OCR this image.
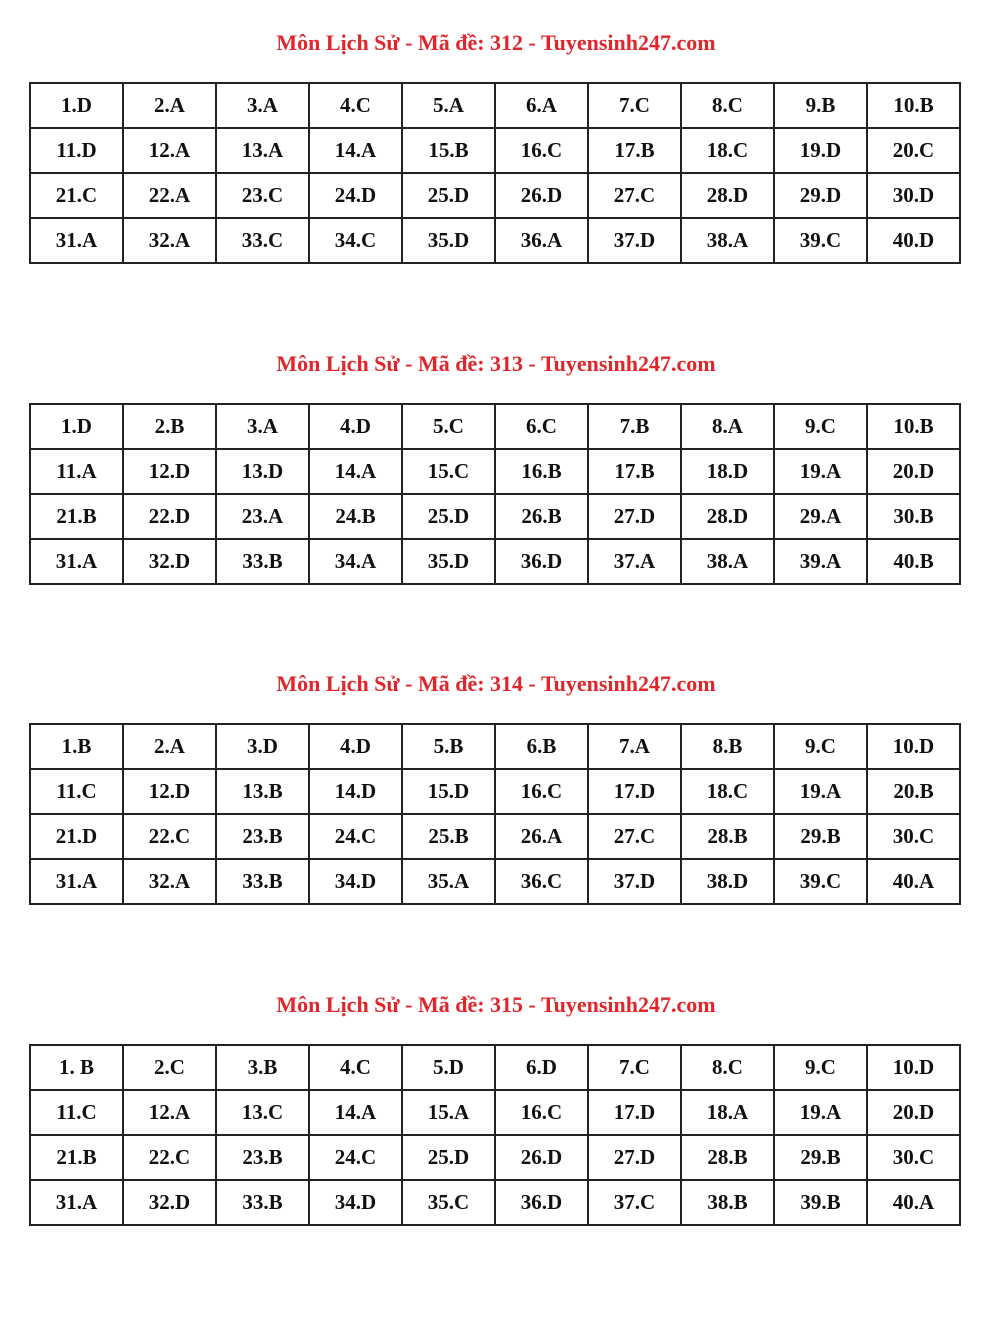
Môn Lịch Sử - Mã đề: 312 - Tuyensinh247.com
1.D	2.A	3.A	4.C	5.A	6.A	7.C	8.C	9.B	10.B
11.D	12.A	13.A	14.A	15.B	16.C	17.B	18.C	19.D	20.C
21.C	22.A	23.C	24.D	25.D	26.D	27.C	28.D	29.D	30.D
31.A	32.A	33.C	34.C	35.D	36.A	37.D	38.A	39.C	40.D
Môn Lịch Sử - Mã đề: 313 - Tuyensinh247.com
1.D	2.B	3.A	4.D	5.C	6.C	7.B	8.A	9.C	10.B
11.A	12.D	13.D	14.A	15.C	16.B	17.B	18.D	19.A	20.D
21.B	22.D	23.A	24.B	25.D	26.B	27.D	28.D	29.A	30.B
31.A	32.D	33.B	34.A	35.D	36.D	37.A	38.A	39.A	40.B
Môn Lịch Sử - Mã đề: 314 - Tuyensinh247.com
1.B	2.A	3.D	4.D	5.B	6.B	7.A	8.B	9.C	10.D
11.C	12.D	13.B	14.D	15.D	16.C	17.D	18.C	19.A	20.B
21.D	22.C	23.B	24.C	25.B	26.A	27.C	28.B	29.B	30.C
31.A	32.A	33.B	34.D	35.A	36.C	37.D	38.D	39.C	40.A
Môn Lịch Sử - Mã đề: 315 - Tuyensinh247.com
1. B	2.C	3.B	4.C	5.D	6.D	7.C	8.C	9.C	10.D
11.C	12.A	13.C	14.A	15.A	16.C	17.D	18.A	19.A	20.D
21.B	22.C	23.B	24.C	25.D	26.D	27.D	28.B	29.B	30.C
31.A	32.D	33.B	34.D	35.C	36.D	37.C	38.B	39.B	40.A
